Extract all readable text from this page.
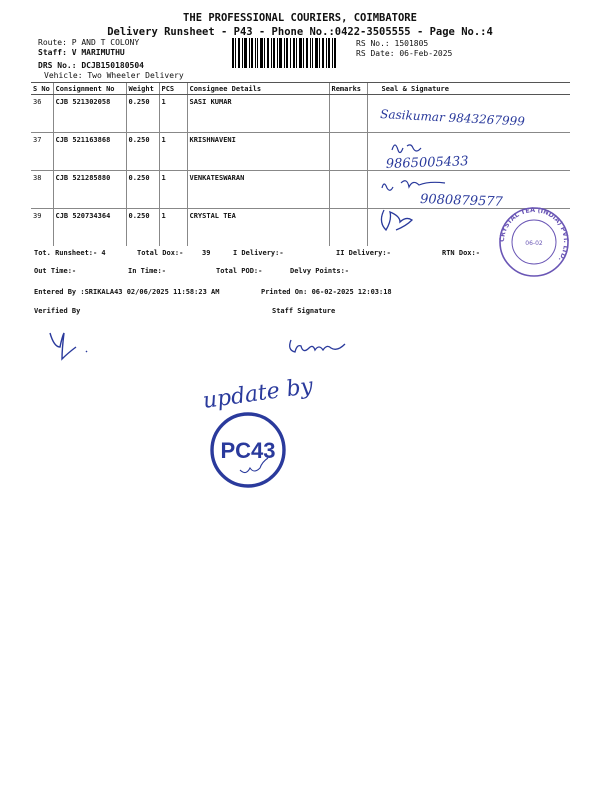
THE PROFESSIONAL COURIERS, COIMBATORE
Delivery Runsheet - P43 - Phone No.:0422-3505555 - Page No.:4
Route: P AND T COLONY
Staff: V MARIMUTHU
DRS No.: DCJB150180504
Vehicle: Two Wheeler Delivery
RS No.: 1501805
RS Date: 06-Feb-2025
S No	Consignment No	Weight	PCS	Consignee Details	Remarks	Seal & Signature
36	CJB 521302058	0.250	1	SASI KUMAR		
37	CJB 521163868	0.250	1	KRISHNAVENI		
38	CJB 521285880	0.250	1	VENKATESWARAN		
39	CJB 520734364	0.250	1	CRYSTAL TEA		
Tot. Runsheet:- 4	Total Dox:-	39	I Delivery:-	II Delivery:-	RTN Dox:-
Out Time:-	In Time:-	Total POD:-	Delvy Points:-
Entered By :SRIKALA43 02/06/2025 11:58:23 AM	Printed On: 06-02-2025 12:03:18
Verified By	Staff Signature
Sasikumar 9843267999
9865005433
9080879577
CRYSTAL TEA (INDIA) PVT. LTD.
06-02
update by
PC43
